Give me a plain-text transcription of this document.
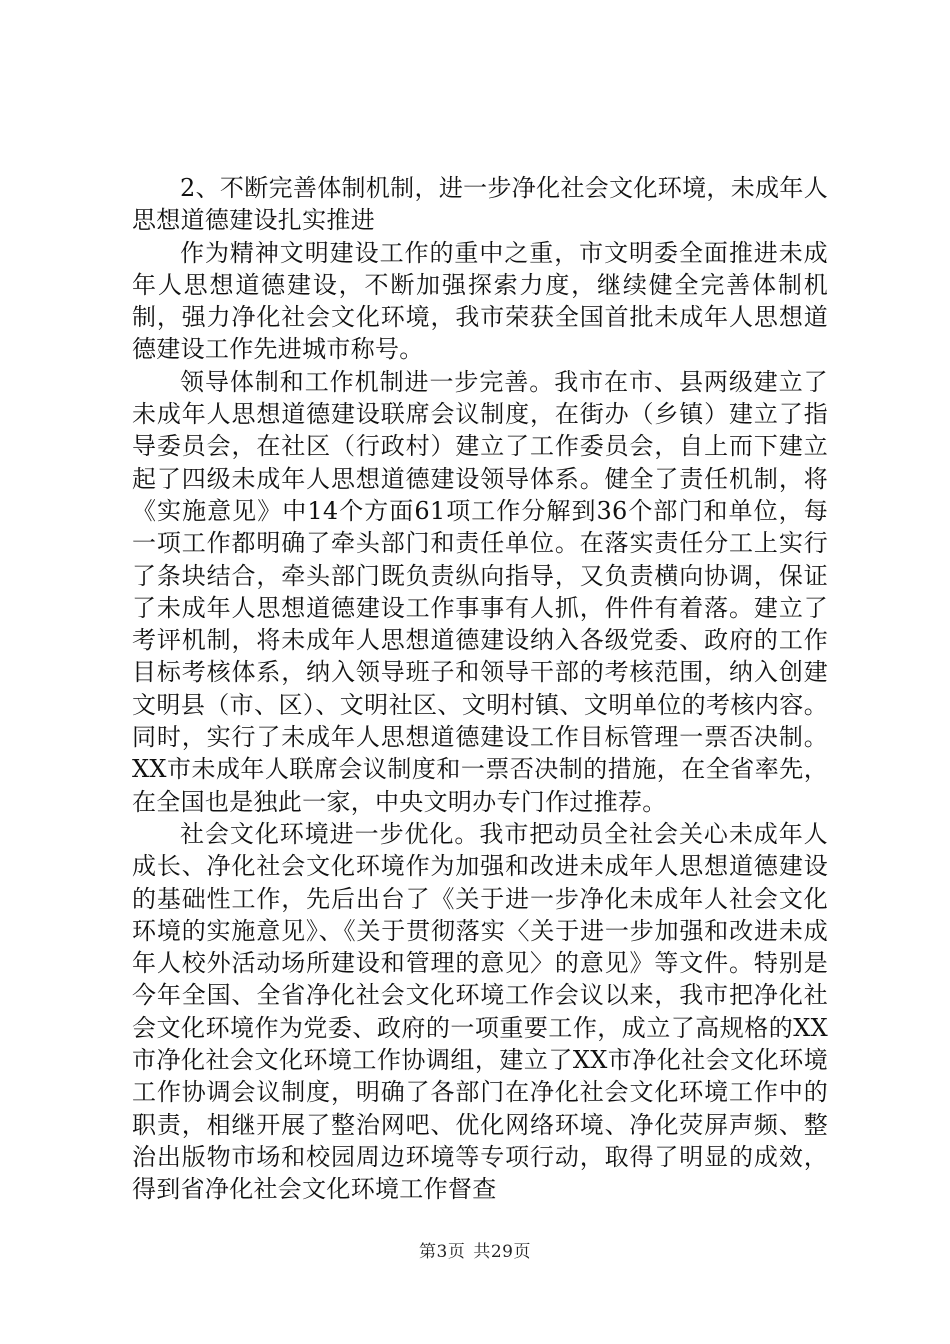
2、不断完善体制机制，进一步净化社会文化环境，未成年人思想道德建设扎实推进

作为精神文明建设工作的重中之重，市文明委全面推进未成年人思想道德建设，不断加强探索力度，继续健全完善体制机制，强力净化社会文化环境，我市荣获全国首批未成年人思想道德建设工作先进城市称号。

领导体制和工作机制进一步完善。我市在市、县两级建立了未成年人思想道德建设联席会议制度，在街办（乡镇）建立了指导委员会，在社区（行政村）建立了工作委员会，自上而下建立起了四级未成年人思想道德建设领导体系。健全了责任机制，将《实施意见》中14个方面61项工作分解到36个部门和单位，每一项工作都明确了牵头部门和责任单位。在落实责任分工上实行了条块结合，牵头部门既负责纵向指导，又负责横向协调，保证了未成年人思想道德建设工作事事有人抓，件件有着落。建立了考评机制，将未成年人思想道德建设纳入各级党委、政府的工作目标考核体系，纳入领导班子和领导干部的考核范围，纳入创建文明县（市、区）、文明社区、文明村镇、文明单位的考核内容。同时，实行了未成年人思想道德建设工作目标管理一票否决制。XX市未成年人联席会议制度和一票否决制的措施，在全省率先，在全国也是独此一家，中央文明办专门作过推荐。

社会文化环境进一步优化。我市把动员全社会关心未成年人成长、净化社会文化环境作为加强和改进未成年人思想道德建设的基础性工作，先后出台了《关于进一步净化未成年人社会文化环境的实施意见》、《关于贯彻落实〈关于进一步加强和改进未成年人校外活动场所建设和管理的意见〉的意见》等文件。特别是今年全国、全省净化社会文化环境工作会议以来，我市把净化社会文化环境作为党委、政府的一项重要工作，成立了高规格的XX市净化社会文化环境工作协调组，建立了XX市净化社会文化环境工作协调会议制度，明确了各部门在净化社会文化环境工作中的职责，相继开展了整治网吧、优化网络环境、净化荧屏声频、整治出版物市场和校园周边环境等专项行动，取得了明显的成效，得到省净化社会文化环境工作督查

第3页 共29页
